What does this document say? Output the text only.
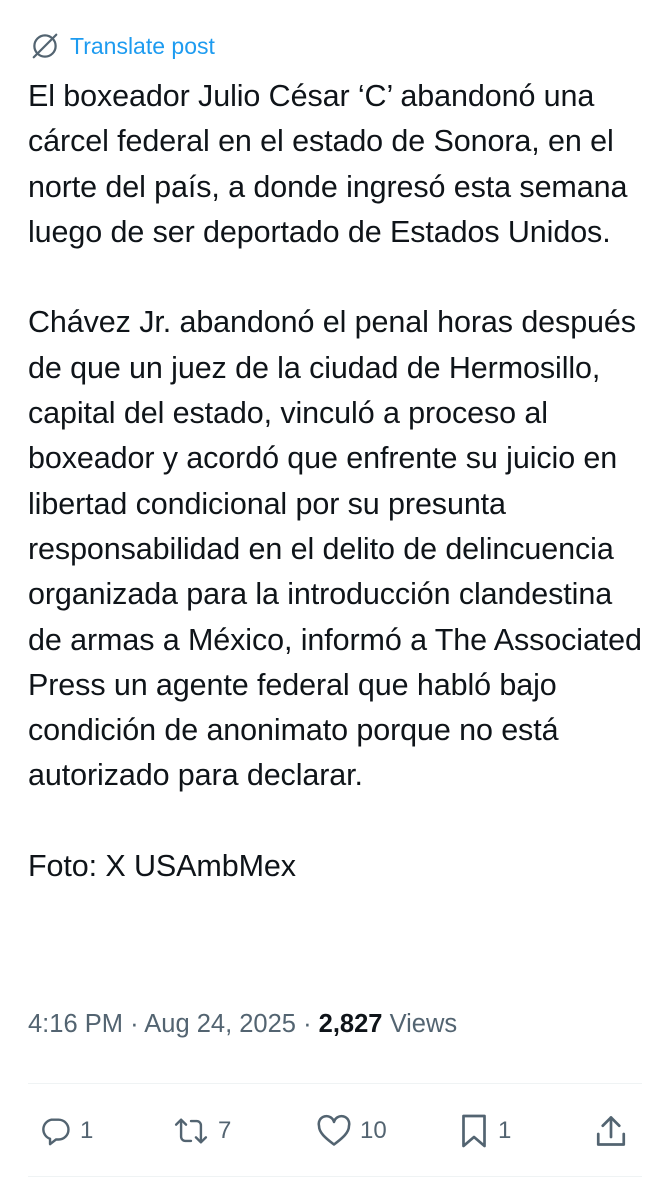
Translate post

El boxeador Julio César ‘C’ abandonó una cárcel federal en el estado de Sonora, en el norte del país, a donde ingresó esta semana luego de ser deportado de Estados Unidos.

Chávez Jr. abandonó el penal horas después de que un juez de la ciudad de Hermosillo, capital del estado, vinculó a proceso al boxeador y acordó que enfrente su juicio en libertad condicional por su presunta responsabilidad en el delito de delincuencia organizada para la introducción clandestina de armas a México, informó a The Associated Press un agente federal que habló bajo condición de anonimato porque no está autorizado para declarar.

Foto: X USAmbMex

4:16 PM · Aug 24, 2025 · 2,827 Views
1	7	10	1
